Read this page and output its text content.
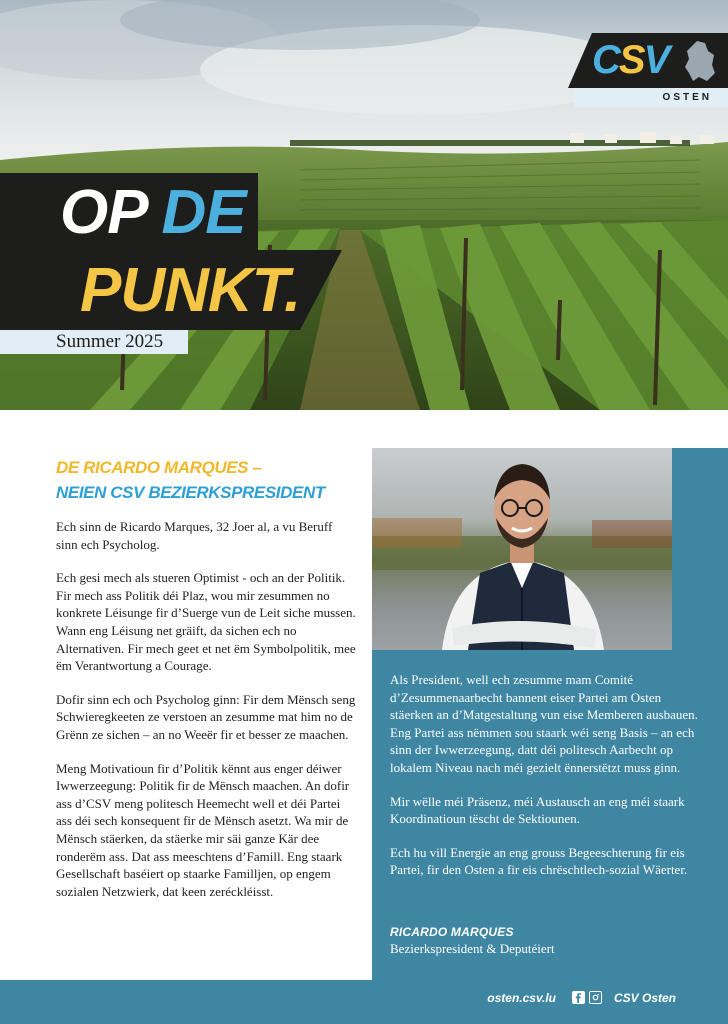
CSV
OSTEN
OP DE
PUNKT.
Summer 2025
DE RICARDO MARQUES –
NEIEN CSV BEZIERKSPRESIDENT

Ech sinn de Ricardo Marques, 32 Joer al, a vu Beruff sinn ech Psycholog.

Ech gesi mech als stueren Optimist - och an der Politik. Fir mech ass Politik déi Plaz, wou mir zesummen no konkrete Léisunge fir d’Suerge vun de Leit siche mussen. Wann eng Léisung net gräift, da sichen ech no Alternativen. Fir mech geet et net ëm Symbolpolitik, mee ëm Verantwortung a Courage.

Dofir sinn ech och Psycholog ginn: Fir dem Mënsch seng Schwieregkeeten ze verstoen an zesumme mat him no de Grënn ze sichen – an no Weeër fir et besser ze maachen.

Meng Motivatioun fir d’Politik kënnt aus enger déiwer Iwwerzeegung: Politik fir de Mënsch maachen. An dofir ass d’CSV meng politesch Heemecht well et déi Partei ass déi sech konsequent fir de Mënsch asetzt. Wa mir de Mënsch stäerken, da stäerke mir säi ganze Kär dee ronderëm ass. Dat ass meeschtens d’Famill. Eng staark Gesellschaft baséiert op staarke Familljen, op engem sozialen Netzwierk, dat keen zeréckléisst.

Als President, well ech zesumme mam Comité d’Zesummenaarbecht bannent eiser Partei am Osten stäerken an d’Matgestaltung vun eise Memberen ausbauen. Eng Partei ass nëmmen sou staark wéi seng Basis – an ech sinn der Iwwerzeegung, datt déi politesch Aarbecht op lokalem Niveau nach méi gezielt ënnerstëtzt muss ginn.

Mir wëlle méi Präsenz, méi Austausch an eng méi staark Koordinatioun tëscht de Sektiounen.

Ech hu vill Energie an eng grouss Begeeschterung fir eis Partei, fir den Osten a fir eis chrëschtlech-sozial Wäerter.

RICARDO MARQUES
Bezierkspresident & Deputéiert
osten.csv.lu	CSV Osten
